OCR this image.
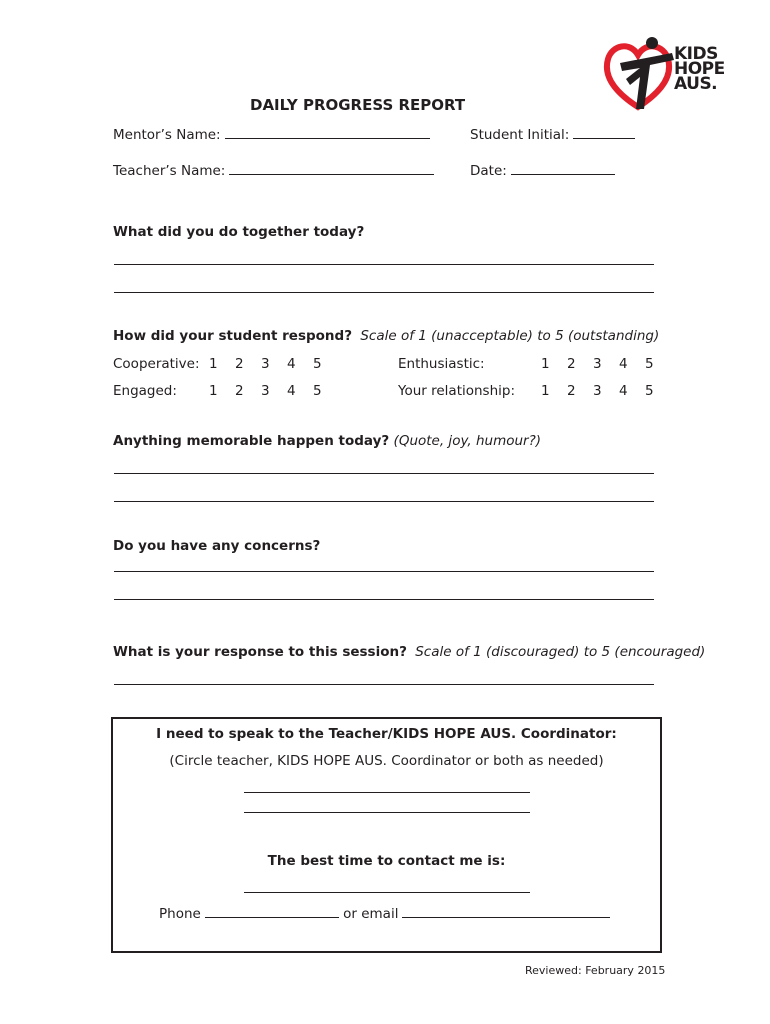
KIDS
HOPE
AUS.
DAILY PROGRESS REPORT
Mentor’s Name:	Student Initial:
Teacher’s Name:	Date:
What did you do together today?
How did your student respond? Scale of 1 (unacceptable) to 5 (outstanding)
Cooperative: 1 2 3 4 5	Enthusiastic:	1 2 3 4 5
Engaged: 1 2 3 4 5	Your relationship: 1 2 3 4 5
Anything memorable happen today? (Quote, joy, humour?)
Do you have any concerns?
What is your response to this session? Scale of 1 (discouraged) to 5 (encouraged)
I need to speak to the Teacher/KIDS HOPE AUS. Coordinator:
(Circle teacher, KIDS HOPE AUS. Coordinator or both as needed)
The best time to contact me is:
Phone	or email
Reviewed: February 2015
